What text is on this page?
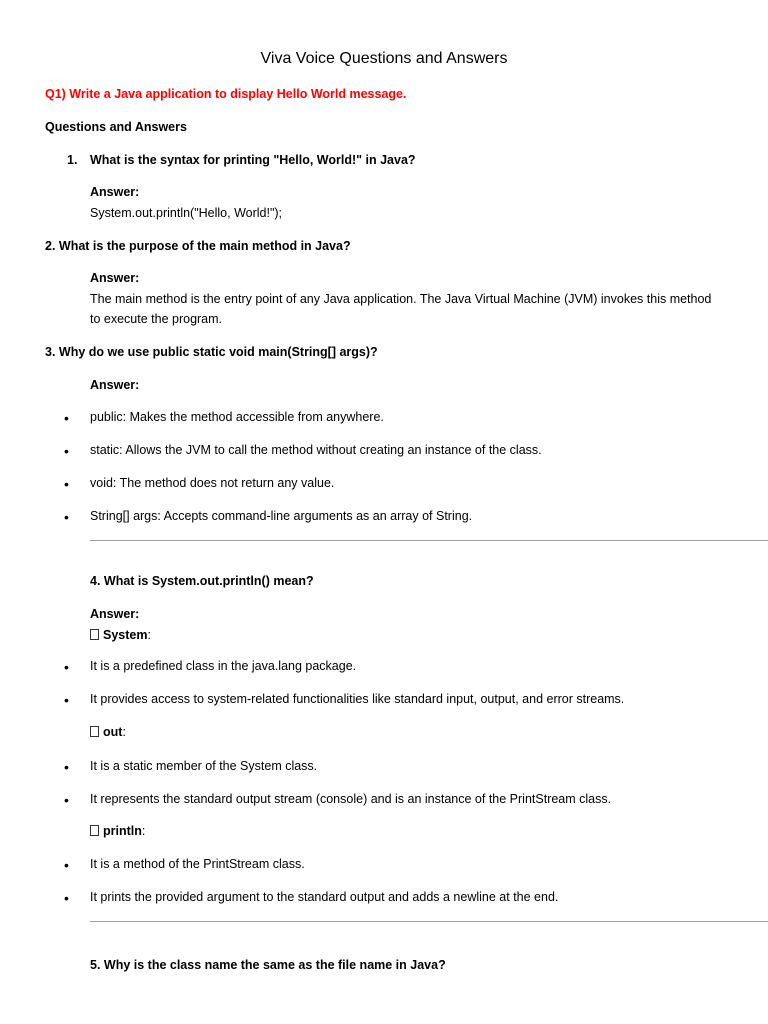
Viva Voice Questions and Answers
Q1) Write a Java application to display Hello World message.
Questions and Answers
1. What is the syntax for printing "Hello, World!" in Java?
Answer:
System.out.println("Hello, World!");
2. What is the purpose of the main method in Java?
Answer:
The main method is the entry point of any Java application. The Java Virtual Machine (JVM) invokes this method
to execute the program.
3. Why do we use public static void main(String[] args)?
Answer:
• public: Makes the method accessible from anywhere.
• static: Allows the JVM to call the method without creating an instance of the class.
• void: The method does not return any value.
• String[] args: Accepts command-line arguments as an array of String.
4. What is System.out.println() mean?
Answer:
System:
• It is a predefined class in the java.lang package.
• It provides access to system-related functionalities like standard input, output, and error streams.
out:
• It is a static member of the System class.
• It represents the standard output stream (console) and is an instance of the PrintStream class.
println:
• It is a method of the PrintStream class.
• It prints the provided argument to the standard output and adds a newline at the end.
5. Why is the class name the same as the file name in Java?
